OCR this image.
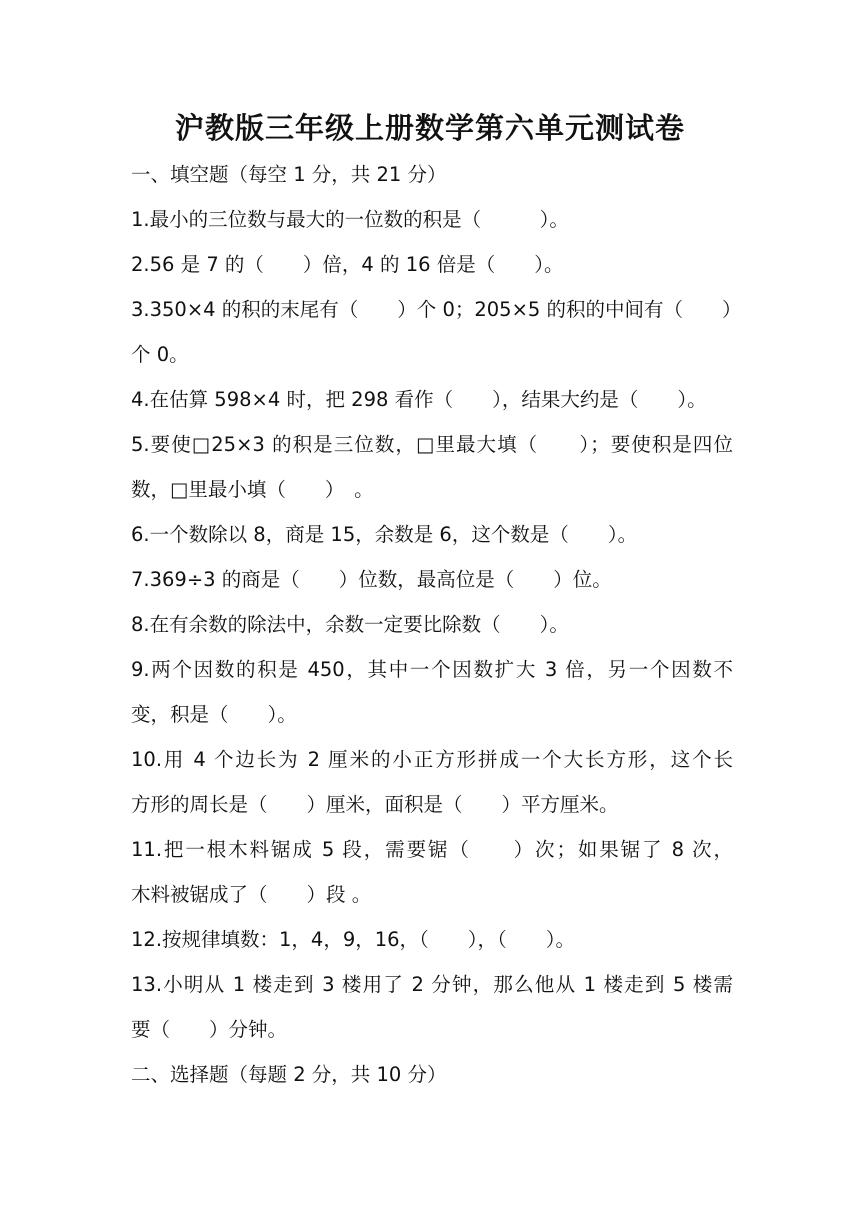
沪教版三年级上册数学第六单元测试卷
一、填空题（每空 1 分，共 21 分）
1.最小的三位数与最大的一位数的积是（　　　）。
2.56 是 7 的（　　）倍，4 的 16 倍是（　　）。
3.350×4 的积的末尾有（　　）个 0；205×5 的积的中间有（　　）
个 0。
4.在估算 598×4 时，把 298 看作（　　），结果大约是（　　）。
5.要使□25×3 的积是三位数，□里最大填（　　）；要使积是四位
数，□里最小填（　　）　。
6.一个数除以 8，商是 15，余数是 6，这个数是（　　）。
7.369÷3 的商是（　　）位数，最高位是（　　）位。
8.在有余数的除法中，余数一定要比除数（　　）。
9.两个因数的积是 450，其中一个因数扩大 3 倍，另一个因数不
变，积是（　　）。
10.用 4 个边长为 2 厘米的小正方形拼成一个大长方形，这个长
方形的周长是（　　）厘米，面积是（　　）平方厘米。
11.把一根木料锯成 5 段，需要锯（　　）次；如果锯了 8 次，
木料被锯成了（　　）段 。
12.按规律填数：1，4，9，16，（　　），（　　）。
13.小明从 1 楼走到 3 楼用了 2 分钟，那么他从 1 楼走到 5 楼需
要（　　）分钟。
二、选择题（每题 2 分，共 10 分）
